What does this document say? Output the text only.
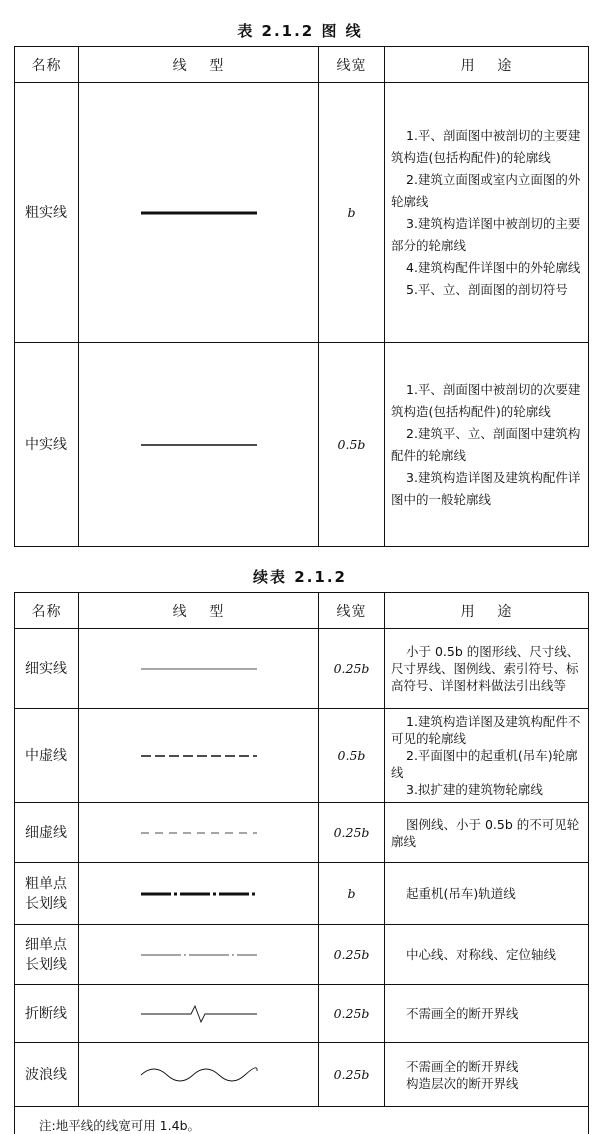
表 2.1.2 图 线
名称	线    型	线宽	用    途
粗实线		b	1.平、剖面图中被剖切的主要建筑构造(包括构配件)的轮廓线
2.建筑立面图或室内立面图的外轮廓线
3.建筑构造详图中被剖切的主要部分的轮廓线
4.建筑构配件详图中的外轮廓线
5.平、立、剖面图的剖切符号

中实线		0.5b	1.平、剖面图中被剖切的次要建筑构造(包括构配件)的轮廓线
2.建筑平、立、剖面图中建筑构配件的轮廓线
3.建筑构造详图及建筑构配件详图中的一般轮廓线
续表 2.1.2
名称	线    型	线宽	用    途
细实线		0.25b	小于 0.5b 的图形线、尺寸线、尺寸界线、图例线、索引符号、标高符号、详图材料做法引出线等

中虚线		0.5b	1.建筑构造详图及建筑构配件不可见的轮廓线
2.平面图中的起重机(吊车)轮廓线
3.拟扩建的建筑物轮廓线

细虚线		0.25b	图例线、小于 0.5b 的不可见轮廓线

粗单点长划线		b	起重机(吊车)轨道线

细单点长划线		0.25b	中心线、对称线、定位轴线

折断线		0.25b	不需画全的断开界线

波浪线		0.25b	不需画全的断开界线
构造层次的断开界线

注:地平线的线宽可用 1.4b。			
